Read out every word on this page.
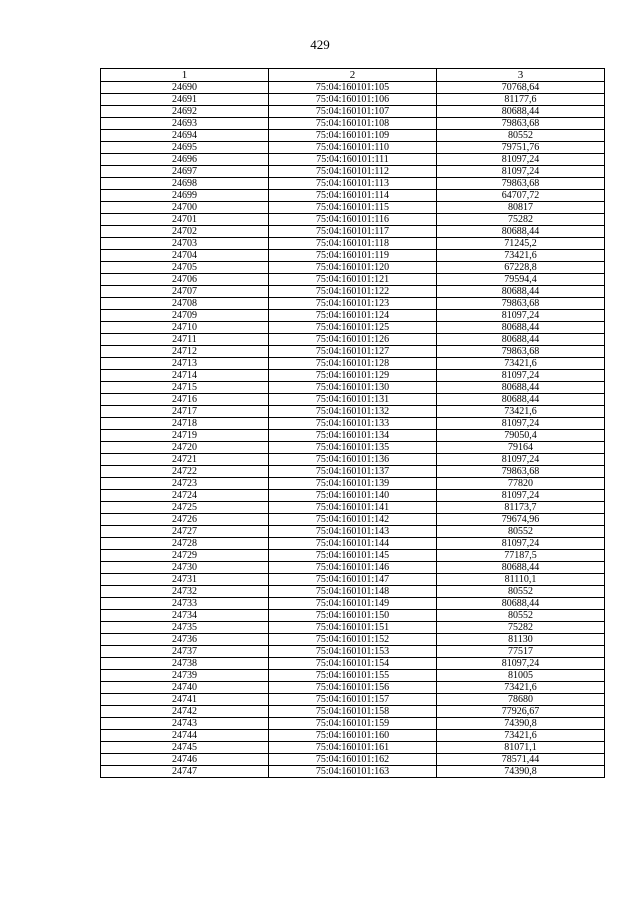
429
1	2	3
24690	75:04:160101:105	70768,64
24691	75:04:160101:106	81177,6
24692	75:04:160101:107	80688,44
24693	75:04:160101:108	79863,68
24694	75:04:160101:109	80552
24695	75:04:160101:110	79751,76
24696	75:04:160101:111	81097,24
24697	75:04:160101:112	81097,24
24698	75:04:160101:113	79863,68
24699	75:04:160101:114	64707,72
24700	75:04:160101:115	80817
24701	75:04:160101:116	75282
24702	75:04:160101:117	80688,44
24703	75:04:160101:118	71245,2
24704	75:04:160101:119	73421,6
24705	75:04:160101:120	67228,8
24706	75:04:160101:121	79594,4
24707	75:04:160101:122	80688,44
24708	75:04:160101:123	79863,68
24709	75:04:160101:124	81097,24
24710	75:04:160101:125	80688,44
24711	75:04:160101:126	80688,44
24712	75:04:160101:127	79863,68
24713	75:04:160101:128	73421,6
24714	75:04:160101:129	81097,24
24715	75:04:160101:130	80688,44
24716	75:04:160101:131	80688,44
24717	75:04:160101:132	73421,6
24718	75:04:160101:133	81097,24
24719	75:04:160101:134	79050,4
24720	75:04:160101:135	79164
24721	75:04:160101:136	81097,24
24722	75:04:160101:137	79863,68
24723	75:04:160101:139	77820
24724	75:04:160101:140	81097,24
24725	75:04:160101:141	81173,7
24726	75:04:160101:142	79674,96
24727	75:04:160101:143	80552
24728	75:04:160101:144	81097,24
24729	75:04:160101:145	77187,5
24730	75:04:160101:146	80688,44
24731	75:04:160101:147	81110,1
24732	75:04:160101:148	80552
24733	75:04:160101:149	80688,44
24734	75:04:160101:150	80552
24735	75:04:160101:151	75282
24736	75:04:160101:152	81130
24737	75:04:160101:153	77517
24738	75:04:160101:154	81097,24
24739	75:04:160101:155	81005
24740	75:04:160101:156	73421,6
24741	75:04:160101:157	78680
24742	75:04:160101:158	77926,67
24743	75:04:160101:159	74390,8
24744	75:04:160101:160	73421,6
24745	75:04:160101:161	81071,1
24746	75:04:160101:162	78571,44
24747	75:04:160101:163	74390,8
